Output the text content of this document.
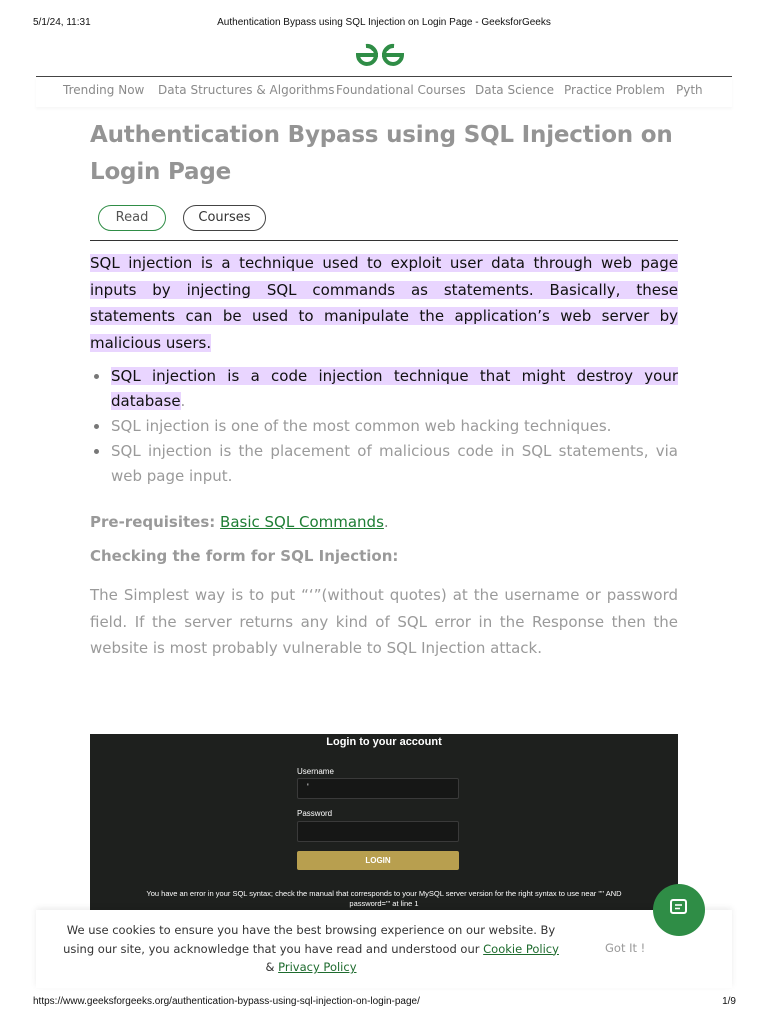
5/1/24, 11:31	Authentication Bypass using SQL Injection on Login Page - GeeksforGeeks
Trending Now Data Structures & Algorithms Foundational Courses Data Science Practice Problem Pyth
Authentication Bypass using SQL Injection on Login Page
Read	Courses

SQL injection is a technique used to exploit user data through web page inputs by injecting SQL commands as statements. Basically, these statements can be used to manipulate the application’s web server by malicious users.

SQL injection is a code injection technique that might destroy your database.
SQL injection is one of the most common web hacking techniques.
SQL injection is the placement of malicious code in SQL statements, via web page input.
Pre-requisites: Basic SQL Commands.
Checking the form for SQL Injection:

The Simplest way is to put “‘”(without quotes) at the username or password field. If the server returns any kind of SQL error in the Response then the website is most probably vulnerable to SQL Injection attack.

Login to your account
Username
'
Password
LOGIN
You have an error in your SQL syntax; check the manual that corresponds to your MySQL server version for the right syntax to use near '''' AND
password=''' at line 1
We use cookies to ensure you have the best browsing experience on our website. By using our site, you acknowledge that you have read and understood our Cookie Policy & Privacy Policy
Got It !
https://www.geeksforgeeks.org/authentication-bypass-using-sql-injection-on-login-page/	1/9
